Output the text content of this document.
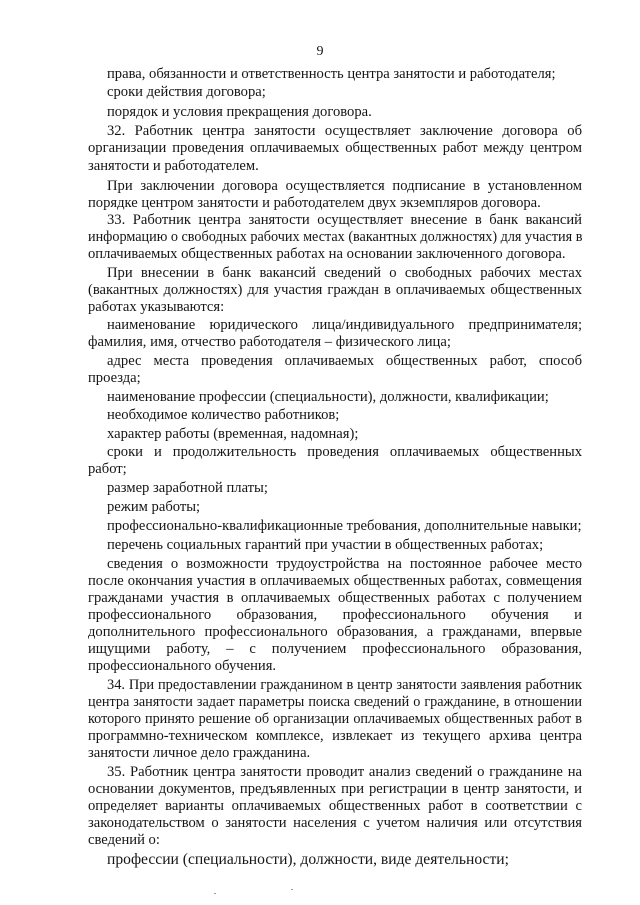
9
права, обязанности и ответственность центра занятости и работодателя;
сроки действия договора;
порядок и условия прекращения договора.
32. Работник центра занятости осуществляет заключение договора об
организации проведения оплачиваемых общественных работ между центром
занятости и работодателем.
При заключении договора осуществляется подписание в установленном
порядке центром занятости и работодателем двух экземпляров договора.
33. Работник центра занятости осуществляет внесение в банк вакансий
информацию о свободных рабочих местах (вакантных должностях) для участия в
оплачиваемых общественных работах на основании заключенного договора.
При внесении в банк вакансий сведений о свободных рабочих местах
(вакантных должностях) для участия граждан в оплачиваемых общественных
работах указываются:
наименование юридического лица/индивидуального предпринимателя;
фамилия, имя, отчество работодателя – физического лица;
адрес места проведения оплачиваемых общественных работ, способ
проезда;
наименование профессии (специальности), должности, квалификации;
необходимое количество работников;
характер работы (временная, надомная);
сроки и продолжительность проведения оплачиваемых общественных
работ;
размер заработной платы;
режим работы;
профессионально-квалификационные требования, дополнительные навыки;
перечень социальных гарантий при участии в общественных работах;
сведения о возможности трудоустройства на постоянное рабочее место
после окончания участия в оплачиваемых общественных работах, совмещения
гражданами участия в оплачиваемых общественных работах с получением
профессионального образования, профессионального обучения и
дополнительного профессионального образования, а гражданами, впервые
ищущими работу, – с получением профессионального образования,
профессионального обучения.
34. При предоставлении гражданином в центр занятости заявления работник
центра занятости задает параметры поиска сведений о гражданине, в отношении
которого принято решение об организации оплачиваемых общественных работ в
программно-техническом комплексе, извлекает из текущего архива центра
занятости личное дело гражданина.
35. Работник центра занятости проводит анализ сведений о гражданине на
основании документов, предъявленных при регистрации в центр занятости, и
определяет варианты оплачиваемых общественных работ в соответствии с
законодательством о занятости населения с учетом наличия или отсутствия
сведений о:
профессии (специальности), должности, виде деятельности;
